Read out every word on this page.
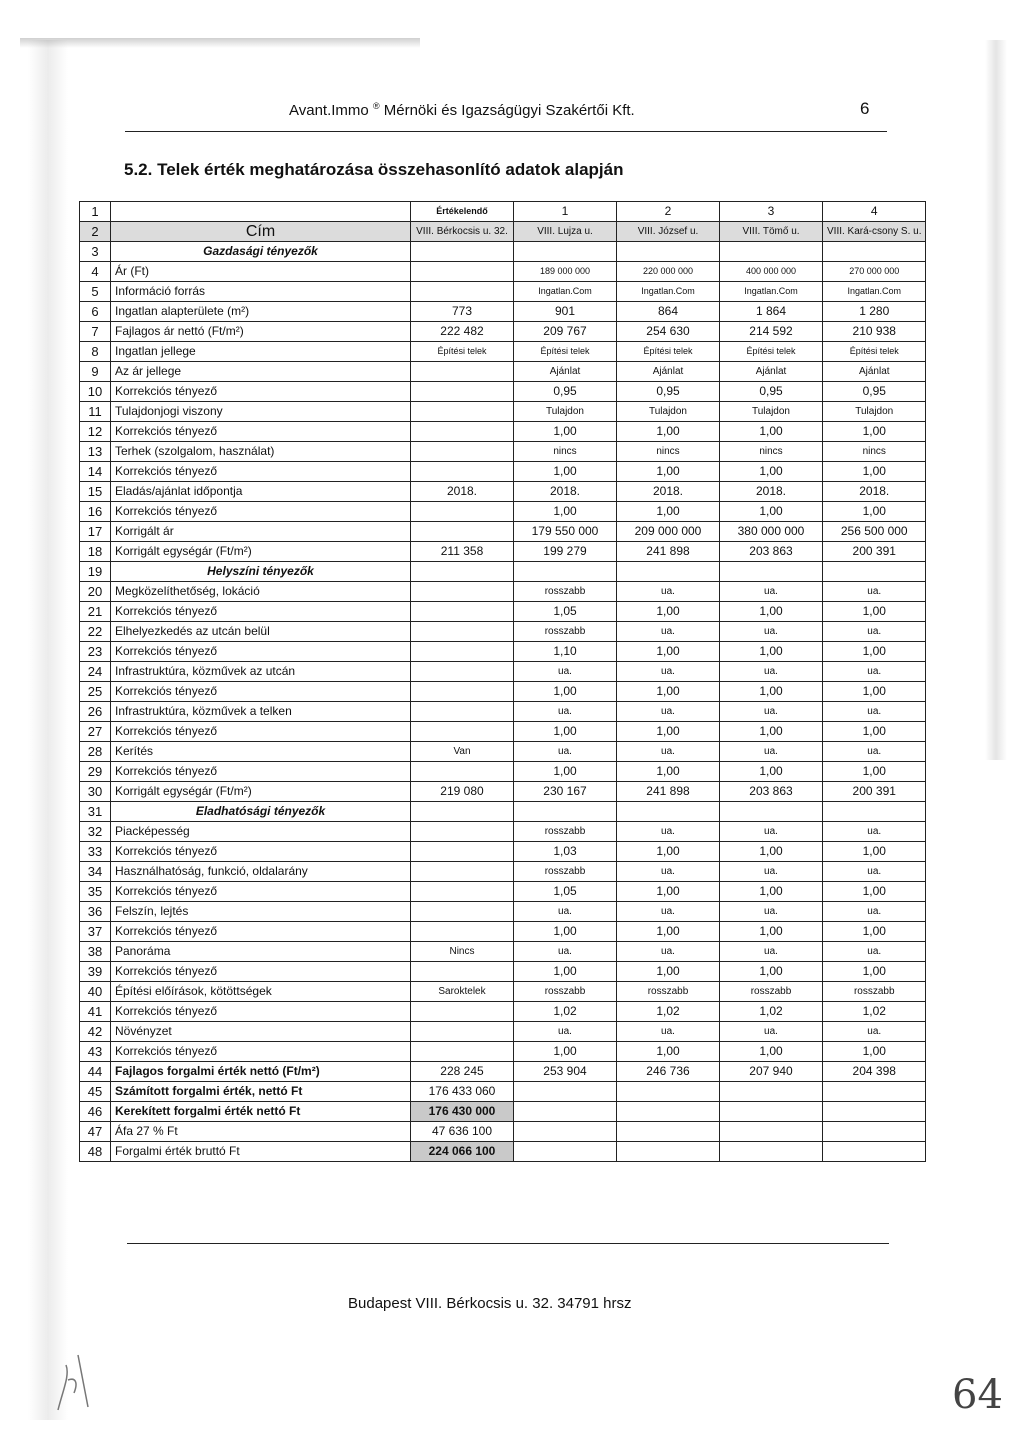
Avant.Immo ® Mérnöki és Igazságügyi Szakértői Kft.	6
5.2. Telek érték meghatározása összehasonlító adatok alapján
1		Értékelendő	1	2	3	4
2	Cím	VIII. Bérkocsis u. 32.	VIII. Lujza u.	VIII. József u.	VIII. Tömő u.	VIII. Kará-csony S. u.
3	Gazdasági tényezők					
4	Ár (Ft)		189 000 000	220 000 000	400 000 000	270 000 000
5	Információ forrás		Ingatlan.Com	Ingatlan.Com	Ingatlan.Com	Ingatlan.Com
6	Ingatlan alapterülete (m²)	773	901	864	1 864	1 280
7	Fajlagos ár nettó (Ft/m²)	222 482	209 767	254 630	214 592	210 938
8	Ingatlan jellege	Építési telek	Építési telek	Építési telek	Építési telek	Építési telek
9	Az ár jellege		Ajánlat	Ajánlat	Ajánlat	Ajánlat
10	Korrekciós tényező		0,95	0,95	0,95	0,95
11	Tulajdonjogi viszony		Tulajdon	Tulajdon	Tulajdon	Tulajdon
12	Korrekciós tényező		1,00	1,00	1,00	1,00
13	Terhek (szolgalom, használat)		nincs	nincs	nincs	nincs
14	Korrekciós tényező		1,00	1,00	1,00	1,00
15	Eladás/ajánlat időpontja	2018.	2018.	2018.	2018.	2018.
16	Korrekciós tényező		1,00	1,00	1,00	1,00
17	Korrigált ár		179 550 000	209 000 000	380 000 000	256 500 000
18	Korrigált egységár (Ft/m²)	211 358	199 279	241 898	203 863	200 391
19	Helyszíni tényezők					
20	Megközelíthetőség, lokáció		rosszabb	ua.	ua.	ua.
21	Korrekciós tényező		1,05	1,00	1,00	1,00
22	Elhelyezkedés az utcán belül		rosszabb	ua.	ua.	ua.
23	Korrekciós tényező		1,10	1,00	1,00	1,00
24	Infrastruktúra, közművek az utcán		ua.	ua.	ua.	ua.
25	Korrekciós tényező		1,00	1,00	1,00	1,00
26	Infrastruktúra, közművek a telken		ua.	ua.	ua.	ua.
27	Korrekciós tényező		1,00	1,00	1,00	1,00
28	Kerítés	Van	ua.	ua.	ua.	ua.
29	Korrekciós tényező		1,00	1,00	1,00	1,00
30	Korrigált egységár (Ft/m²)	219 080	230 167	241 898	203 863	200 391
31	Eladhatósági tényezők					
32	Piacképesség		rosszabb	ua.	ua.	ua.
33	Korrekciós tényező		1,03	1,00	1,00	1,00
34	Használhatóság, funkció, oldalarány		rosszabb	ua.	ua.	ua.
35	Korrekciós tényező		1,05	1,00	1,00	1,00
36	Felszín, lejtés		ua.	ua.	ua.	ua.
37	Korrekciós tényező		1,00	1,00	1,00	1,00
38	Panoráma	Nincs	ua.	ua.	ua.	ua.
39	Korrekciós tényező		1,00	1,00	1,00	1,00
40	Építési előírások, kötöttségek	Saroktelek	rosszabb	rosszabb	rosszabb	rosszabb
41	Korrekciós tényező		1,02	1,02	1,02	1,02
42	Növényzet		ua.	ua.	ua.	ua.
43	Korrekciós tényező		1,00	1,00	1,00	1,00
44	Fajlagos forgalmi érték nettó (Ft/m²)	228 245	253 904	246 736	207 940	204 398
45	Számított forgalmi érték, nettó Ft	176 433 060				
46	Kerekített forgalmi érték nettó Ft	176 430 000				
47	Áfa 27 % Ft	47 636 100				
48	Forgalmi érték bruttó Ft	224 066 100				
Budapest VIII. Bérkocsis u. 32. 34791 hrsz
64
